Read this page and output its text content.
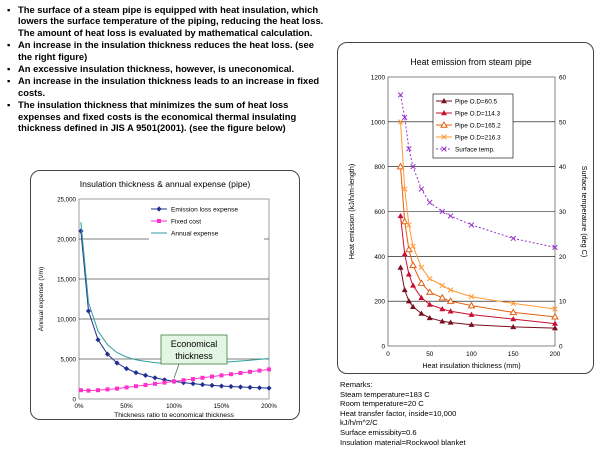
▪ The surface of a steam pipe is equipped with heat insulation, which lowers the surface temperature of the piping, reducing the heat loss. The amount of heat loss is evaluated by mathematical calculation.
▪ An increase in the insulation thickness reduces the heat loss. (see the right figure)
▪ An excessive insulation thickness, however, is uneconomical.
▪ An increase in the insulation thickness leads to an increase in fixed costs.
▪ The insulation thickness that minimizes the sum of heat loss expenses and fixed costs is the economical thermal insulating thickness defined in JIS A 9501(2001). (see the figure below)
Insulation thickness & annual expense (pipe)
0
5,000
10,000
15,000
20,000
25,000
0%	50%	100%	150%	200%
Thickness ratio to economical thickness
Annual expense (\/m)
Emission loss expense
Fixed cost
Annual expense
Economical
thickness
Heat emission from steam pipe
0
200
400
600
800
1000
1200
0
10
20
30
40
50
60
0	50	100	150	200
Heat insulation thickness (mm)
Heat emission (kJ/h/m-length)	Surface temperature (deg C)
Pipe O.D=60.5
Pipe O.D=114.3
Pipe O.D=165.2
Pipe O.D=216.3
Surface temp.
Remarks:
Steam temperature=183 C
Room temperature=20 C
Heat transfer factor, inside=10,000
kJ/h/m^2/C
Surface emissibity=0.6
Insulation material=Rockwool blanket
